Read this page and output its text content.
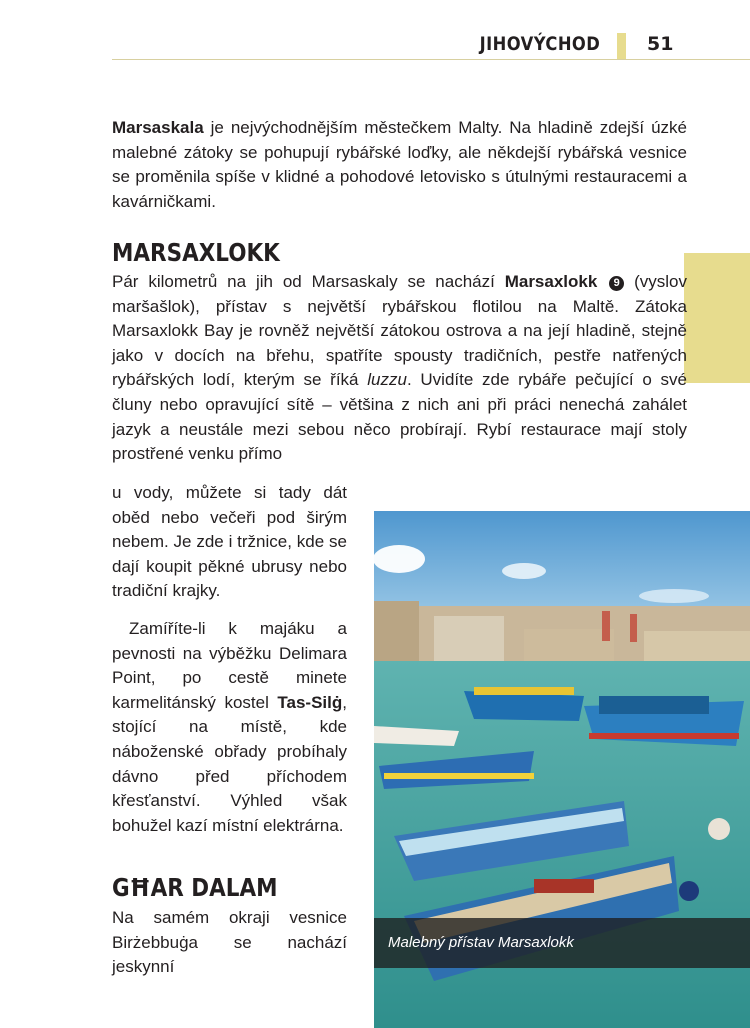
JIHOVÝCHOD 51

Marsaskala je nejvýchodnějším městečkem Malty. Na hladině zdejší úzké malebné zátoky se pohupují rybářské loďky, ale někdejší rybářská vesnice se proměnila spíše v klidné a pohodové letovisko s útulnými restauracemi a kavárničkami.

MARSAXLOKK

Pár kilometrů na jih od Marsaskaly se nachází Marsaxlokk 9 (vyslov maršašlok), přístav s největší rybářskou flotilou na Maltě. Zátoka Marsaxlokk Bay je rovněž největší zátokou ostrova a na její hladině, stejně jako v docích na břehu, spatříte spousty tradičních, pestře natřených rybářských lodí, kterým se říká luzzu. Uvidíte zde rybáře pečující o své čluny nebo opravující sítě – většina z nich ani při práci nenechá zahálet jazyk a neustále mezi sebou něco probírají. Rybí restaurace mají stoly prostřené venku přímo

u vody, můžete si tady dát oběd nebo večeři pod širým nebem. Je zde i tržnice, kde se dají koupit pěkné ubrusy nebo tradiční krajky.

Zamíříte-li k majáku a pevnosti na výběžku Delimara Point, po cestě minete karmelitánský kostel Tas-Silġ, stojící na místě, kde náboženské obřady probíhaly dávno před příchodem křesťanství. Výhled však bohužel kazí místní elektrárna.

GĦAR DALAM

Na samém okraji vesnice Birżebbuġa se nachází jeskynní

Malebný přístav Marsaxlokk
